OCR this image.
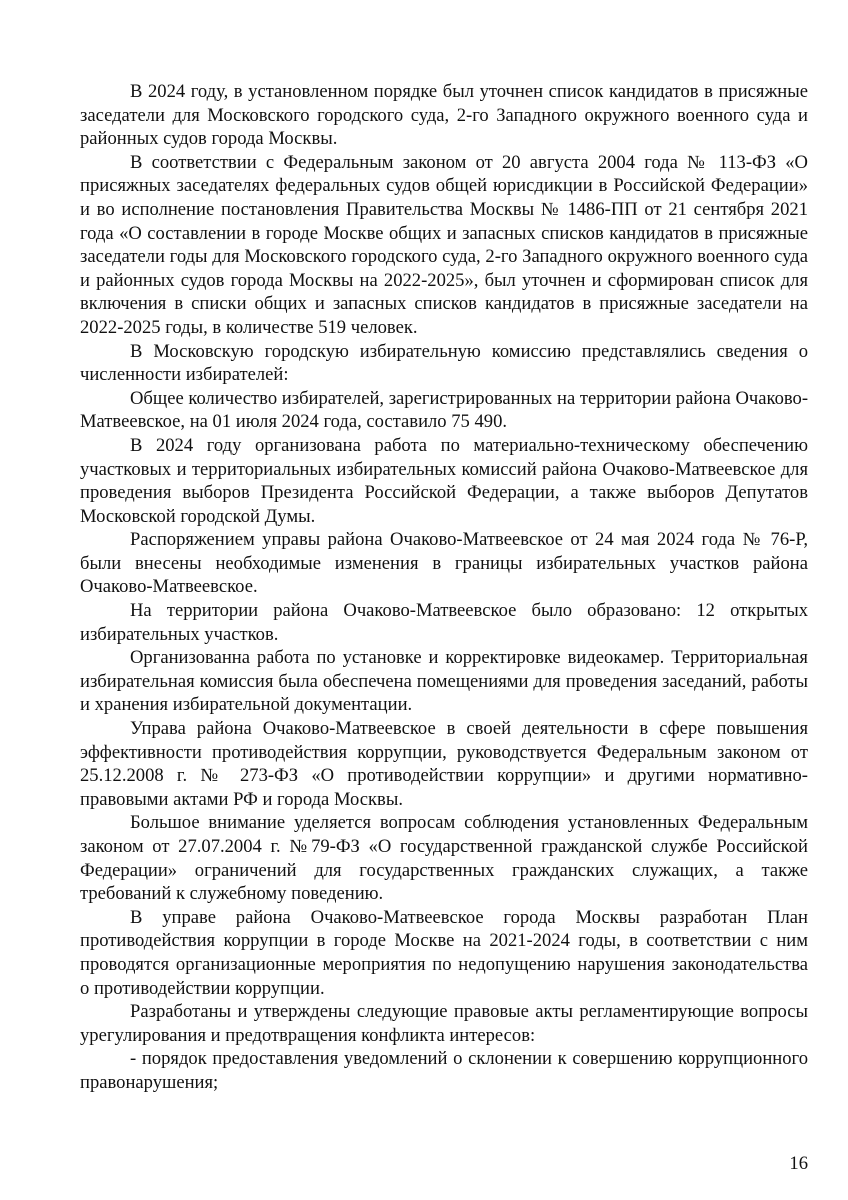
В 2024 году, в установленном порядке был уточнен список кандидатов в присяжные заседатели для Московского городского суда, 2-го Западного окружного военного суда и районных судов города Москвы.

В соответствии с Федеральным законом от 20 августа 2004 года № 113-ФЗ «О присяжных заседателях федеральных судов общей юрисдикции в Российской Федерации» и во исполнение постановления Правительства Москвы № 1486-ПП от 21 сентября 2021 года «О составлении в городе Москве общих и запасных списков кандидатов в присяжные заседатели годы для Московского городского суда, 2-го Западного окружного военного суда и районных судов города Москвы на 2022-2025», был уточнен и сформирован список для включения в списки общих и запасных списков кандидатов в присяжные заседатели на 2022-2025 годы, в количестве 519 человек.

В Московскую городскую избирательную комиссию представлялись сведения о численности избирателей:

Общее количество избирателей, зарегистрированных на территории района Очаково-Матвеевское, на 01 июля 2024 года, составило 75 490.

В 2024 году организована работа по материально-техническому обеспечению участковых и территориальных избирательных комиссий района Очаково-Матвеевское для проведения выборов Президента Российской Федерации, а также выборов Депутатов Московской городской Думы.

Распоряжением управы района Очаково-Матвеевское от 24 мая 2024 года № 76-Р, были внесены необходимые изменения в границы избирательных участков района Очаково-Матвеевское.

На территории района Очаково-Матвеевское было образовано: 12 открытых избирательных участков.

Организованна работа по установке и корректировке видеокамер. Территориальная избирательная комиссия была обеспечена помещениями для проведения заседаний, работы и хранения избирательной документации.

Управа района Очаково-Матвеевское в своей деятельности в сфере повышения эффективности противодействия коррупции, руководствуется Федеральным законом от 25.12.2008 г. № 273-ФЗ «О противодействии коррупции» и другими нормативно-правовыми актами РФ и города Москвы.

Большое внимание уделяется вопросам соблюдения установленных Федеральным законом от 27.07.2004 г. №79-ФЗ «О государственной гражданской службе Российской Федерации» ограничений для государственных гражданских служащих, а также требований к служебному поведению.

В управе района Очаково-Матвеевское города Москвы разработан План противодействия коррупции в городе Москве на 2021-2024 годы, в соответствии с ним проводятся организационные мероприятия по недопущению нарушения законодательства о противодействии коррупции.

Разработаны и утверждены следующие правовые акты регламентирующие вопросы урегулирования и предотвращения конфликта интересов:

- порядок предоставления уведомлений о склонении к совершению коррупционного правонарушения;

16
